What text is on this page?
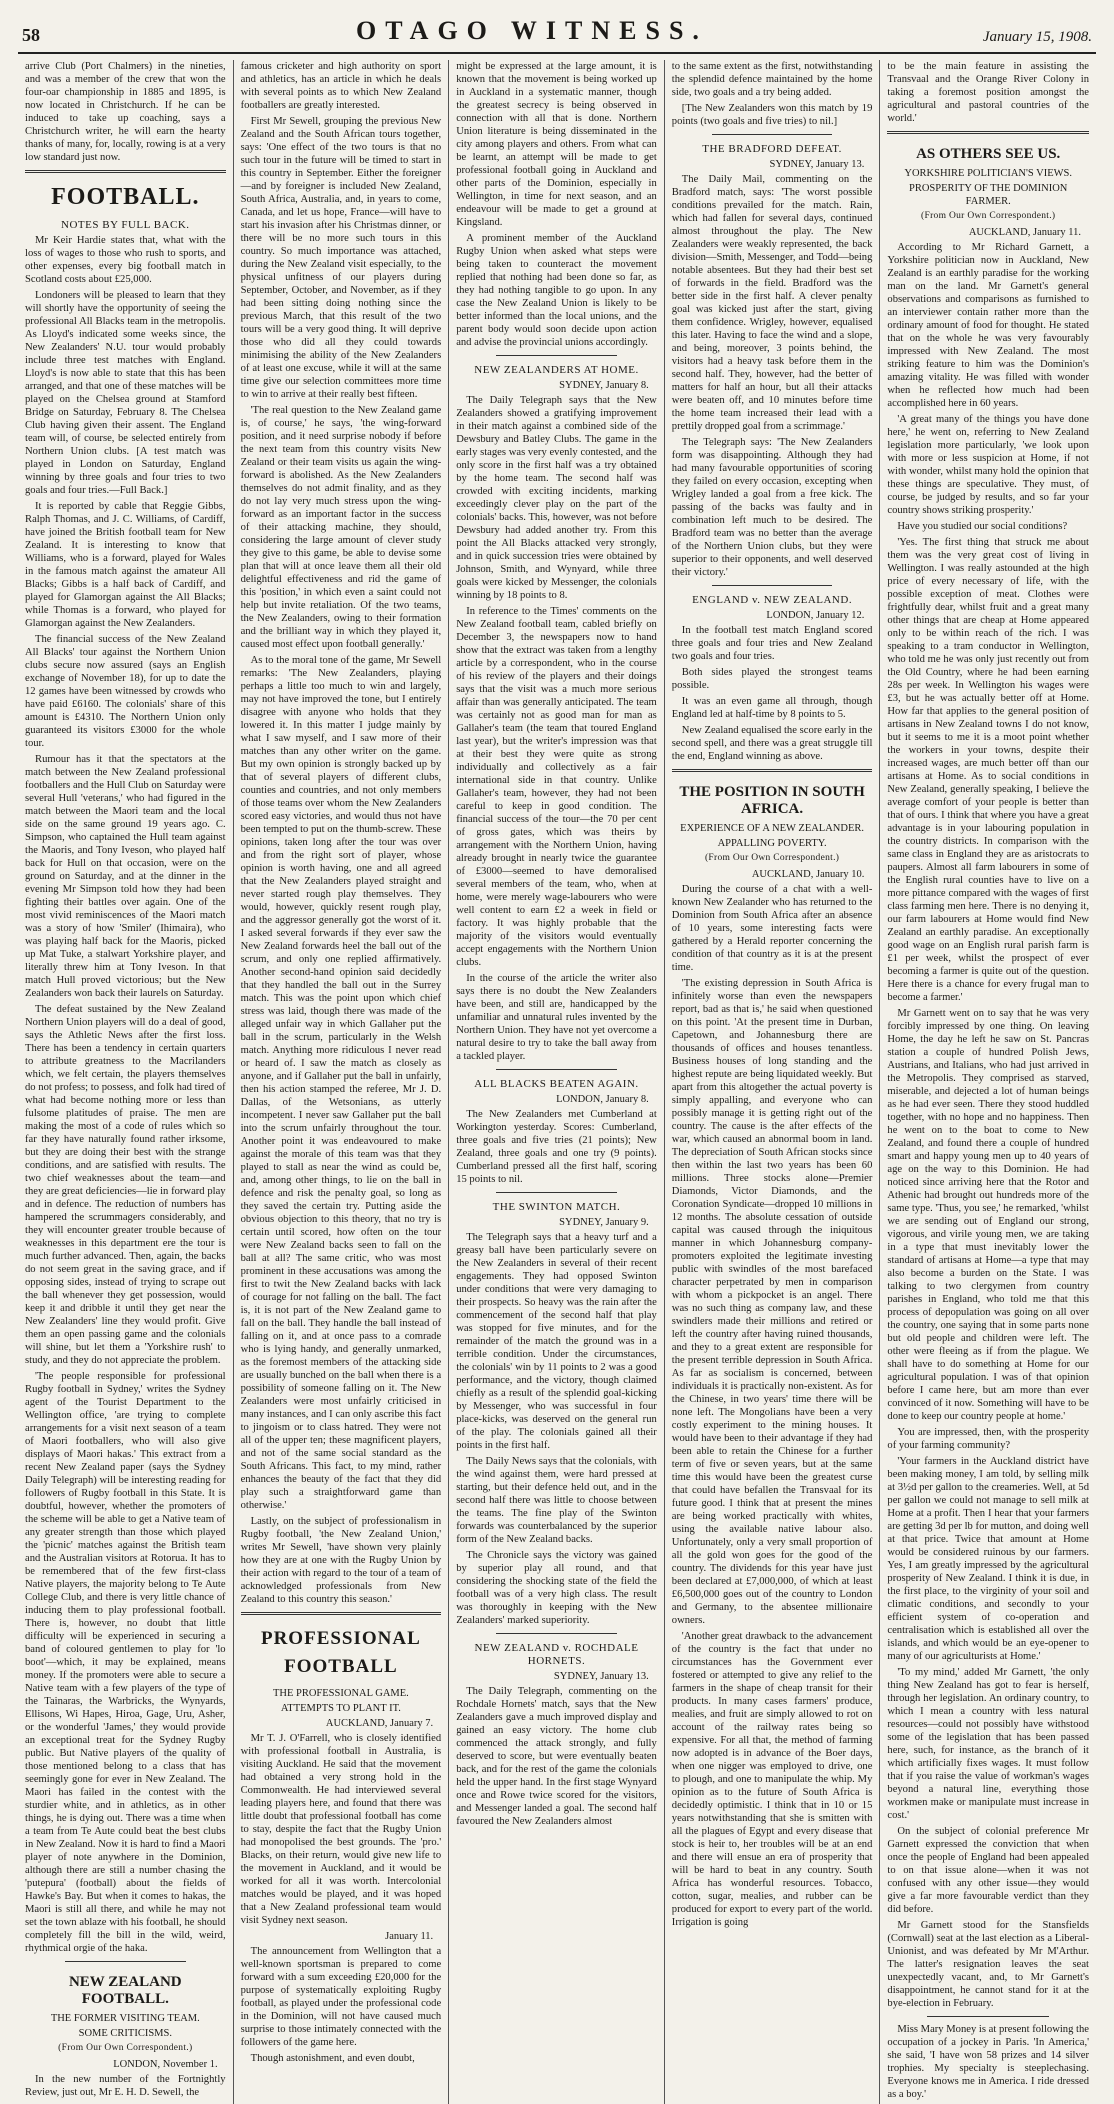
58	OTAGO WITNESS.	January 15, 1908.

arrive Club (Port Chalmers) in the nineties, and was a member of the crew that won the four-oar championship in 1885 and 1895, is now located in Christchurch. If he can be induced to take up coaching, says a Christchurch writer, he will earn the hearty thanks of many, for, locally, rowing is at a very low standard just now.

FOOTBALL.
NOTES BY FULL BACK.

Mr Keir Hardie states that, what with the loss of wages to those who rush to sports, and other expenses, every big football match in Scotland costs about £25,000.

Londoners will be pleased to learn that they will shortly have the opportunity of seeing the professional All Blacks team in the metropolis. As Lloyd's indicated some weeks since, the New Zealanders' N.U. tour would probably include three test matches with England. Lloyd's is now able to state that this has been arranged, and that one of these matches will be played on the Chelsea ground at Stamford Bridge on Saturday, February 8. The Chelsea Club having given their assent. The England team will, of course, be selected entirely from Northern Union clubs. [A test match was played in London on Saturday, England winning by three goals and four tries to two goals and four tries.—Full Back.]

It is reported by cable that Reggie Gibbs, Ralph Thomas, and J. C. Williams, of Cardiff, have joined the British football team for New Zealand. It is interesting to know that Williams, who is a forward, played for Wales in the famous match against the amateur All Blacks; Gibbs is a half back of Cardiff, and played for Glamorgan against the All Blacks; while Thomas is a forward, who played for Glamorgan against the New Zealanders.

The financial success of the New Zealand All Blacks' tour against the Northern Union clubs secure now assured (says an English exchange of November 18), for up to date the 12 games have been witnessed by crowds who have paid £6160. The colonials' share of this amount is £4310. The Northern Union only guaranteed its visitors £3000 for the whole tour.

Rumour has it that the spectators at the match between the New Zealand professional footballers and the Hull Club on Saturday were several Hull 'veterans,' who had figured in the match between the Maori team and the local side on the same ground 19 years ago. C. Simpson, who captained the Hull team against the Maoris, and Tony Iveson, who played half back for Hull on that occasion, were on the ground on Saturday, and at the dinner in the evening Mr Simpson told how they had been fighting their battles over again. One of the most vivid reminiscences of the Maori match was a story of how 'Smiler' (Ihimaira), who was playing half back for the Maoris, picked up Mat Tuke, a stalwart Yorkshire player, and literally threw him at Tony Iveson. In that match Hull proved victorious; but the New Zealanders won back their laurels on Saturday.

The defeat sustained by the New Zealand Northern Union players will do a deal of good, says the Athletic News after the first loss. There has been a tendency in certain quarters to attribute greatness to the Macrilanders which, we felt certain, the players themselves do not profess; to possess, and folk had tired of what had become nothing more or less than fulsome platitudes of praise. The men are making the most of a code of rules which so far they have naturally found rather irksome, but they are doing their best with the strange conditions, and are satisfied with results. The two chief weaknesses about the team—and they are great deficiencies—lie in forward play and in defence. The reduction of numbers has hampered the scrummagers considerably, and they will encounter greater trouble because of weaknesses in this department ere the tour is much further advanced. Then, again, the backs do not seem great in the saving grace, and if opposing sides, instead of trying to scrape out the ball whenever they get possession, would keep it and dribble it until they get near the New Zealanders' line they would profit. Give them an open passing game and the colonials will shine, but let them a 'Yorkshire rush' to study, and they do not appreciate the problem.

'The people responsible for professional Rugby football in Sydney,' writes the Sydney agent of the Tourist Department to the Wellington office, 'are trying to complete arrangements for a visit next season of a team of Maori footballers, who will also give displays of Maori hakas.' This extract from a recent New Zealand paper (says the Sydney Daily Telegraph) will be interesting reading for followers of Rugby football in this State. It is doubtful, however, whether the promoters of the scheme will be able to get a Native team of any greater strength than those which played the 'picnic' matches against the British team and the Australian visitors at Rotorua. It has to be remembered that of the few first-class Native players, the majority belong to Te Aute College Club, and there is very little chance of inducing them to play professional football. There is, however, no doubt that little difficulty will be experienced in securing a band of coloured gentlemen to play for 'lo boot'—which, it may be explained, means money. If the promoters were able to secure a Native team with a few players of the type of the Tainaras, the Warbricks, the Wynyards, Ellisons, Wi Hapes, Hiroa, Gage, Uru, Asher, or the wonderful 'James,' they would provide an exceptional treat for the Sydney Rugby public. But Native players of the quality of those mentioned belong to a class that has seemingly gone for ever in New Zealand. The Maori has failed in the contest with the sturdier white, and in athletics, as in other things, he is dying out. There was a time when a team from Te Aute could beat the best clubs in New Zealand. Now it is hard to find a Maori player of note anywhere in the Dominion, although there are still a number chasing the 'putepura' (football) about the fields of Hawke's Bay. But when it comes to hakas, the Maori is still all there, and while he may not set the town ablaze with his football, he should completely fill the bill in the wild, weird, rhythmical orgie of the haka.

NEW ZEALAND FOOTBALL.
THE FORMER VISITING TEAM.
SOME CRITICISMS.
(From Our Own Correspondent.)
LONDON, November 1.

In the new number of the Fortnightly Review, just out, Mr E. H. D. Sewell, the

famous cricketer and high authority on sport and athletics, has an article in which he deals with several points as to which New Zealand footballers are greatly interested.

First Mr Sewell, grouping the previous New Zealand and the South African tours together, says: 'One effect of the two tours is that no such tour in the future will be timed to start in this country in September. Either the foreigner—and by foreigner is included New Zealand, South Africa, Australia, and, in years to come, Canada, and let us hope, France—will have to start his invasion after his Christmas dinner, or there will be no more such tours in this country. So much importance was attached, during the New Zealand visit especially, to the physical unfitness of our players during September, October, and November, as if they had been sitting doing nothing since the previous March, that this result of the two tours will be a very good thing. It will deprive those who did all they could towards minimising the ability of the New Zealanders of at least one excuse, while it will at the same time give our selection committees more time to win to arrive at their really best fifteen.

'The real question to the New Zealand game is, of course,' he says, 'the wing-forward position, and it need surprise nobody if before the next team from this country visits New Zealand or their team visits us again the wing-forward is abolished. As the New Zealanders themselves do not admit finality, and as they do not lay very much stress upon the wing-forward as an important factor in the success of their attacking machine, they should, considering the large amount of clever study they give to this game, be able to devise some plan that will at once leave them all their old delightful effectiveness and rid the game of this 'position,' in which even a saint could not help but invite retaliation. Of the two teams, the New Zealanders, owing to their formation and the brilliant way in which they played it, caused most effect upon football generally.'

As to the moral tone of the game, Mr Sewell remarks: 'The New Zealanders, playing perhaps a little too much to win and largely, may not have improved the tone, but I entirely disagree with anyone who holds that they lowered it. In this matter I judge mainly by what I saw myself, and I saw more of their matches than any other writer on the game. But my own opinion is strongly backed up by that of several players of different clubs, counties and countries, and not only members of those teams over whom the New Zealanders scored easy victories, and would thus not have been tempted to put on the thumb-screw. These opinions, taken long after the tour was over and from the right sort of player, whose opinion is worth having, one and all agreed that the New Zealanders played straight and never started rough play themselves. They would, however, quickly resent rough play, and the aggressor generally got the worst of it. I asked several forwards if they ever saw the New Zealand forwards heel the ball out of the scrum, and only one replied affirmatively. Another second-hand opinion said decidedly that they handled the ball out in the Surrey match. This was the point upon which chief stress was laid, though there was made of the alleged unfair way in which Gallaher put the ball in the scrum, particularly in the Welsh match. Anything more ridiculous I never read or heard of. I saw the match as closely as anyone, and if Gallaher put the ball in unfairly, then his action stamped the referee, Mr J. D. Dallas, of the Wetsonians, as utterly incompetent. I never saw Gallaher put the ball into the scrum unfairly throughout the tour. Another point it was endeavoured to make against the morale of this team was that they played to stall as near the wind as could be, and, among other things, to lie on the ball in defence and risk the penalty goal, so long as they saved the certain try. Putting aside the obvious objection to this theory, that no try is certain until scored, how often on the tour were New Zealand backs seen to fall on the ball at all? The same critic, who was most prominent in these accusations was among the first to twit the New Zealand backs with lack of courage for not falling on the ball. The fact is, it is not part of the New Zealand game to fall on the ball. They handle the ball instead of falling on it, and at once pass to a comrade who is lying handy, and generally unmarked, as the foremost members of the attacking side are usually bunched on the ball when there is a possibility of someone falling on it. The New Zealanders were most unfairly criticised in many instances, and I can only ascribe this fact to jingoism or to class hatred. They were not all of the upper ten; these magnificent players, and not of the same social standard as the South Africans. This fact, to my mind, rather enhances the beauty of the fact that they did play such a straightforward game than otherwise.'

Lastly, on the subject of professionalism in Rugby football, 'the New Zealand Union,' writes Mr Sewell, 'have shown very plainly how they are at one with the Rugby Union by their action with regard to the tour of a team of acknowledged professionals from New Zealand to this country this season.'

PROFESSIONAL FOOTBALL
THE PROFESSIONAL GAME.
ATTEMPTS TO PLANT IT.
AUCKLAND, January 7.

Mr T. J. O'Farrell, who is closely identified with professional football in Australia, is visiting Auckland. He said that the movement had obtained a very strong hold in the Commonwealth. He had interviewed several leading players here, and found that there was little doubt that professional football has come to stay, despite the fact that the Rugby Union had monopolised the best grounds. The 'pro.' Blacks, on their return, would give new life to the movement in Auckland, and it would be worked for all it was worth. Intercolonial matches would be played, and it was hoped that a New Zealand professional team would visit Sydney next season.

January 11.

The announcement from Wellington that a well-known sportsman is prepared to come forward with a sum exceeding £20,000 for the purpose of systematically exploiting Rugby football, as played under the professional code in the Dominion, will not have caused much surprise to those intimately connected with the followers of the game here.

Though astonishment, and even doubt,

might be expressed at the large amount, it is known that the movement is being worked up in Auckland in a systematic manner, though the greatest secrecy is being observed in connection with all that is done. Northern Union literature is being disseminated in the city among players and others. From what can be learnt, an attempt will be made to get professional football going in Auckland and other parts of the Dominion, especially in Wellington, in time for next season, and an endeavour will be made to get a ground at Kingsland.

A prominent member of the Auckland Rugby Union when asked what steps were being taken to counteract the movement replied that nothing had been done so far, as they had nothing tangible to go upon. In any case the New Zealand Union is likely to be better informed than the local unions, and the parent body would soon decide upon action and advise the provincial unions accordingly.

NEW ZEALANDERS AT HOME.
SYDNEY, January 8.

The Daily Telegraph says that the New Zealanders showed a gratifying improvement in their match against a combined side of the Dewsbury and Batley Clubs. The game in the early stages was very evenly contested, and the only score in the first half was a try obtained by the home team. The second half was crowded with exciting incidents, marking exceedingly clever play on the part of the colonials' backs. This, however, was not before Dewsbury had added another try. From this point the All Blacks attacked very strongly, and in quick succession tries were obtained by Johnson, Smith, and Wynyard, while three goals were kicked by Messenger, the colonials winning by 18 points to 8.

In reference to the Times' comments on the New Zealand football team, cabled briefly on December 3, the newspapers now to hand show that the extract was taken from a lengthy article by a correspondent, who in the course of his review of the players and their doings says that the visit was a much more serious affair than was generally anticipated. The team was certainly not as good man for man as Gallaher's team (the team that toured England last year), but the writer's impression was that at their best they were quite as strong individually and collectively as a fair international side in that country. Unlike Gallaher's team, however, they had not been careful to keep in good condition. The financial success of the tour—the 70 per cent of gross gates, which was theirs by arrangement with the Northern Union, having already brought in nearly twice the guarantee of £3000—seemed to have demoralised several members of the team, who, when at home, were merely wage-labourers who were well content to earn £2 a week in field or factory. It was highly probable that the majority of the visitors would eventually accept engagements with the Northern Union clubs.

In the course of the article the writer also says there is no doubt the New Zealanders have been, and still are, handicapped by the unfamiliar and unnatural rules invented by the Northern Union. They have not yet overcome a natural desire to try to take the ball away from a tackled player.

ALL BLACKS BEATEN AGAIN.
LONDON, January 8.

The New Zealanders met Cumberland at Workington yesterday. Scores: Cumberland, three goals and five tries (21 points); New Zealand, three goals and one try (9 points). Cumberland pressed all the first half, scoring 15 points to nil.

THE SWINTON MATCH.
SYDNEY, January 9.

The Telegraph says that a heavy turf and a greasy ball have been particularly severe on the New Zealanders in several of their recent engagements. They had opposed Swinton under conditions that were very damaging to their prospects. So heavy was the rain after the commencement of the second half that play was stopped for five minutes, and for the remainder of the match the ground was in a terrible condition. Under the circumstances, the colonials' win by 11 points to 2 was a good performance, and the victory, though claimed chiefly as a result of the splendid goal-kicking by Messenger, who was successful in four place-kicks, was deserved on the general run of the play. The colonials gained all their points in the first half.

The Daily News says that the colonials, with the wind against them, were hard pressed at starting, but their defence held out, and in the second half there was little to choose between the teams. The fine play of the Swinton forwards was counterbalanced by the superior form of the New Zealand backs.

The Chronicle says the victory was gained by superior play all round, and that considering the shocking state of the field the football was of a very high class. The result was thoroughly in keeping with the New Zealanders' marked superiority.

NEW ZEALAND v. ROCHDALE HORNETS.
SYDNEY, January 13.

The Daily Telegraph, commenting on the Rochdale Hornets' match, says that the New Zealanders gave a much improved display and gained an easy victory. The home club commenced the attack strongly, and fully deserved to score, but were eventually beaten back, and for the rest of the game the colonials held the upper hand. In the first stage Wynyard once and Rowe twice scored for the visitors, and Messenger landed a goal. The second half favoured the New Zealanders almost

to the same extent as the first, notwithstanding the splendid defence maintained by the home side, two goals and a try being added.

[The New Zealanders won this match by 19 points (two goals and five tries) to nil.]

THE BRADFORD DEFEAT.
SYDNEY, January 13.

The Daily Mail, commenting on the Bradford match, says: 'The worst possible conditions prevailed for the match. Rain, which had fallen for several days, continued almost throughout the play. The New Zealanders were weakly represented, the back division—Smith, Messenger, and Todd—being notable absentees. But they had their best set of forwards in the field. Bradford was the better side in the first half. A clever penalty goal was kicked just after the start, giving them confidence. Wrigley, however, equalised this later. Having to face the wind and a slope, and being, moreover, 3 points behind, the visitors had a heavy task before them in the second half. They, however, had the better of matters for half an hour, but all their attacks were beaten off, and 10 minutes before time the home team increased their lead with a prettily dropped goal from a scrimmage.'

The Telegraph says: 'The New Zealanders form was disappointing. Although they had had many favourable opportunities of scoring they failed on every occasion, excepting when Wrigley landed a goal from a free kick. The passing of the backs was faulty and in combination left much to be desired. The Bradford team was no better than the average of the Northern Union clubs, but they were superior to their opponents, and well deserved their victory.'

ENGLAND v. NEW ZEALAND.
LONDON, January 12.

In the football test match England scored three goals and four tries and New Zealand two goals and four tries.

Both sides played the strongest teams possible.

It was an even game all through, though England led at half-time by 8 points to 5.

New Zealand equalised the score early in the second spell, and there was a great struggle till the end, England winning as above.

THE POSITION IN SOUTH AFRICA.
EXPERIENCE OF A NEW ZEALANDER.
APPALLING POVERTY.
(From Our Own Correspondent.)
AUCKLAND, January 10.

During the course of a chat with a well-known New Zealander who has returned to the Dominion from South Africa after an absence of 10 years, some interesting facts were gathered by a Herald reporter concerning the condition of that country as it is at the present time.

'The existing depression in South Africa is infinitely worse than even the newspapers report, bad as that is,' he said when questioned on this point. 'At the present time in Durban, Capetown, and Johannesburg there are thousands of offices and houses tenantless. Business houses of long standing and the highest repute are being liquidated weekly. But apart from this altogether the actual poverty is simply appalling, and everyone who can possibly manage it is getting right out of the country. The cause is the after effects of the war, which caused an abnormal boom in land. The depreciation of South African stocks since then within the last two years has been 60 millions. Three stocks alone—Premier Diamonds, Victor Diamonds, and the Coronation Syndicate—dropped 10 millions in 12 months. The absolute cessation of outside capital was caused through the iniquitous manner in which Johannesburg company-promoters exploited the legitimate investing public with swindles of the most barefaced character perpetrated by men in comparison with whom a pickpocket is an angel. There was no such thing as company law, and these swindlers made their millions and retired or left the country after having ruined thousands, and they to a great extent are responsible for the present terrible depression in South Africa. As far as socialism is concerned, between individuals it is practically non-existent. As for the Chinese, in two years' time there will be none left. The Mongolians have been a very costly experiment to the mining houses. It would have been to their advantage if they had been able to retain the Chinese for a further term of five or seven years, but at the same time this would have been the greatest curse that could have befallen the Transvaal for its future good. I think that at present the mines are being worked practically with whites, using the available native labour also. Unfortunately, only a very small proportion of all the gold won goes for the good of the country. The dividends for this year have just been declared at £7,000,000, of which at least £6,500,000 goes out of the country to London and Germany, to the absentee millionaire owners.

'Another great drawback to the advancement of the country is the fact that under no circumstances has the Government ever fostered or attempted to give any relief to the farmers in the shape of cheap transit for their products. In many cases farmers' produce, mealies, and fruit are simply allowed to rot on account of the railway rates being so expensive. For all that, the method of farming now adopted is in advance of the Boer days, when one nigger was employed to drive, one to plough, and one to manipulate the whip. My opinion as to the future of South Africa is decidedly optimistic. I think that in 10 or 15 years notwithstanding that she is smitten with all the plagues of Egypt and every disease that stock is heir to, her troubles will be at an end and there will ensue an era of prosperity that will be hard to beat in any country. South Africa has wonderful resources. Tobacco, cotton, sugar, mealies, and rubber can be produced for export to every part of the world. Irrigation is going

to be the main feature in assisting the Transvaal and the Orange River Colony in taking a foremost position amongst the agricultural and pastoral countries of the world.'

AS OTHERS SEE US.
YORKSHIRE POLITICIAN'S VIEWS.
PROSPERITY OF THE DOMINION FARMER.
(From Our Own Correspondent.)
AUCKLAND, January 11.

According to Mr Richard Garnett, a Yorkshire politician now in Auckland, New Zealand is an earthly paradise for the working man on the land. Mr Garnett's general observations and comparisons as furnished to an interviewer contain rather more than the ordinary amount of food for thought. He stated that on the whole he was very favourably impressed with New Zealand. The most striking feature to him was the Dominion's amazing vitality. He was filled with wonder when he reflected how much had been accomplished here in 60 years.

'A great many of the things you have done here,' he went on, referring to New Zealand legislation more particularly, 'we look upon with more or less suspicion at Home, if not with wonder, whilst many hold the opinion that these things are speculative. They must, of course, be judged by results, and so far your country shows striking prosperity.'

Have you studied our social conditions?

'Yes. The first thing that struck me about them was the very great cost of living in Wellington. I was really astounded at the high price of every necessary of life, with the possible exception of meat. Clothes were frightfully dear, whilst fruit and a great many other things that are cheap at Home appeared only to be within reach of the rich. I was speaking to a tram conductor in Wellington, who told me he was only just recently out from the Old Country, where he had been earning 28s per week. In Wellington his wages were £3, but he was actually better off at Home. How far that applies to the general position of artisans in New Zealand towns I do not know, but it seems to me it is a moot point whether the workers in your towns, despite their increased wages, are much better off than our artisans at Home. As to social conditions in New Zealand, generally speaking, I believe the average comfort of your people is better than that of ours. I think that where you have a great advantage is in your labouring population in the country districts. In comparison with the same class in England they are as aristocrats to paupers. Almost all farm labourers in some of the English rural counties have to live on a more pittance compared with the wages of first class farming men here. There is no denying it, our farm labourers at Home would find New Zealand an earthly paradise. An exceptionally good wage on an English rural parish farm is £1 per week, whilst the prospect of ever becoming a farmer is quite out of the question. Here there is a chance for every frugal man to become a farmer.'

Mr Garnett went on to say that he was very forcibly impressed by one thing. On leaving Home, the day he left he saw on St. Pancras station a couple of hundred Polish Jews, Austrians, and Italians, who had just arrived in the Metropolis. They comprised as starved, miserable, and dejected a lot of human beings as he had ever seen. There they stood huddled together, with no hope and no happiness. Then he went on to the boat to come to New Zealand, and found there a couple of hundred smart and happy young men up to 40 years of age on the way to this Dominion. He had noticed since arriving here that the Rotor and Athenic had brought out hundreds more of the same type. 'Thus, you see,' he remarked, 'whilst we are sending out of England our strong, vigorous, and virile young men, we are taking in a type that must inevitably lower the standard of artisans at Home—a type that may also become a burden on the State. I was talking to two clergymen from country parishes in England, who told me that this process of depopulation was going on all over the country, one saying that in some parts none but old people and children were left. The other were fleeing as if from the plague. We shall have to do something at Home for our agricultural population. I was of that opinion before I came here, but am more than ever convinced of it now. Something will have to be done to keep our country people at home.'

You are impressed, then, with the prosperity of your farming community?

'Your farmers in the Auckland district have been making money, I am told, by selling milk at 3½d per gallon to the creameries. Well, at 5d per gallon we could not manage to sell milk at Home at a profit. Then I hear that your farmers are getting 3d per lb for mutton, and doing well at that price. Twice that amount at Home would be considered ruinous by our farmers. Yes, I am greatly impressed by the agricultural prosperity of New Zealand. I think it is due, in the first place, to the virginity of your soil and climatic conditions, and secondly to your efficient system of co-operation and centralisation which is established all over the islands, and which would be an eye-opener to many of our agriculturists at Home.'

'To my mind,' added Mr Garnett, 'the only thing New Zealand has got to fear is herself, through her legislation. An ordinary country, to which I mean a country with less natural resources—could not possibly have withstood some of the legislation that has been passed here, such, for instance, as the branch of it which artificially fixes wages. It must follow that if you raise the value of workman's wages beyond a natural line, everything those workmen make or manipulate must increase in cost.'

On the subject of colonial preference Mr Garnett expressed the conviction that when once the people of England had been appealed to on that issue alone—when it was not confused with any other issue—they would give a far more favourable verdict than they did before.

Mr Garnett stood for the Stansfields (Cornwall) seat at the last election as a Liberal-Unionist, and was defeated by Mr M'Arthur. The latter's resignation leaves the seat unexpectedly vacant, and, to Mr Garnett's disappointment, he cannot stand for it at the bye-election in February.

Miss Mary Money is at present following the occupation of a jockey in Paris. 'In America,' she said, 'I have won 58 prizes and 14 silver trophies. My specialty is steeplechasing. Everyone knows me in America. I ride dressed as a boy.'
